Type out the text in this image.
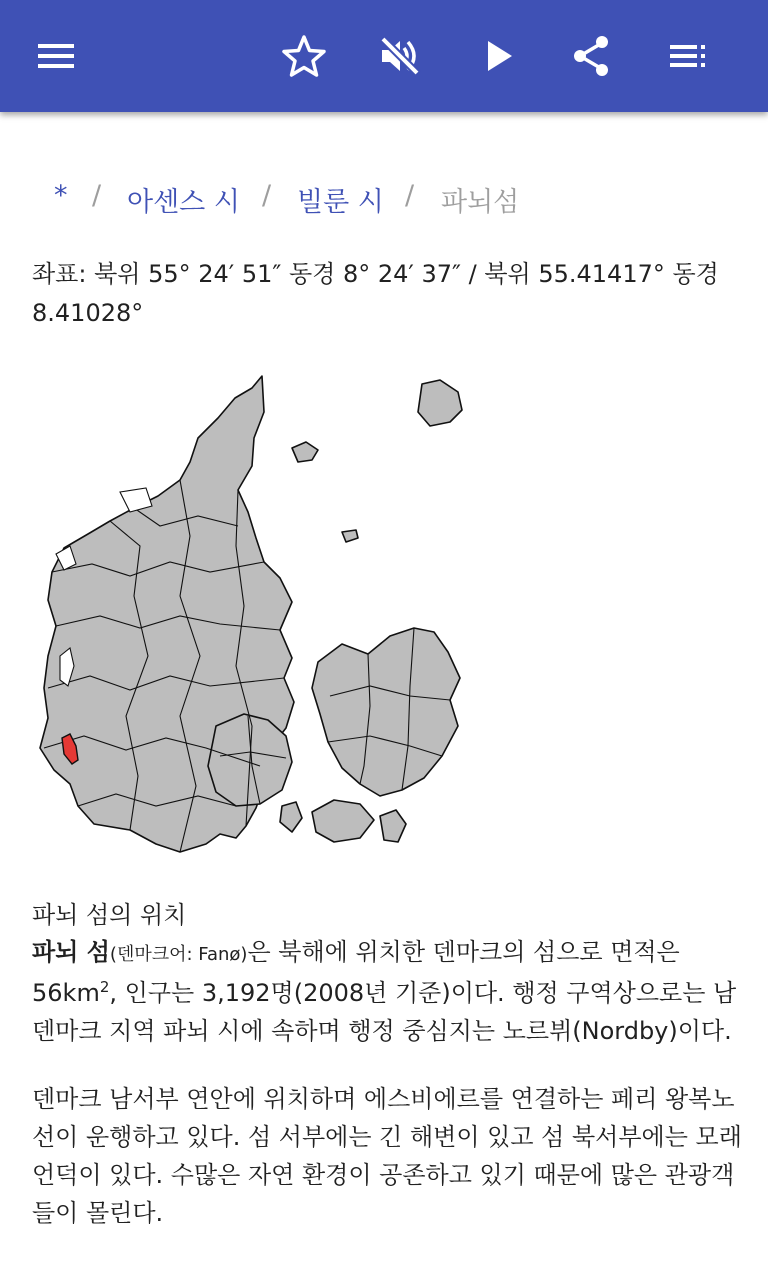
* / 아센스 시 / 빌룬 시 / 파뇌섬
좌표: 북위 55° 24′ 51″ 동경 8° 24′ 37″ / 북위 55.41417° 동경 8.41028°
파뇌 섬의 위치

파뇌 섬(덴마크어: Fanø)은 북해에 위치한 덴마크의 섬으로 면적은 $56km^2$, 인구는 3,192명(2008년 기준)이다. 행정 구역상으로는 남덴마크 지역 파뇌 시에 속하며 행정 중심지는 노르뷔(Nordby)이다.

덴마크 남서부 연안에 위치하며 에스비에르를 연결하는 페리 왕복노선이 운행하고 있다. 섬 서부에는 긴 해변이 있고 섬 북서부에는 모래언덕이 있다. 수많은 자연 환경이 공존하고 있기 때문에 많은 관광객들이 몰린다.
